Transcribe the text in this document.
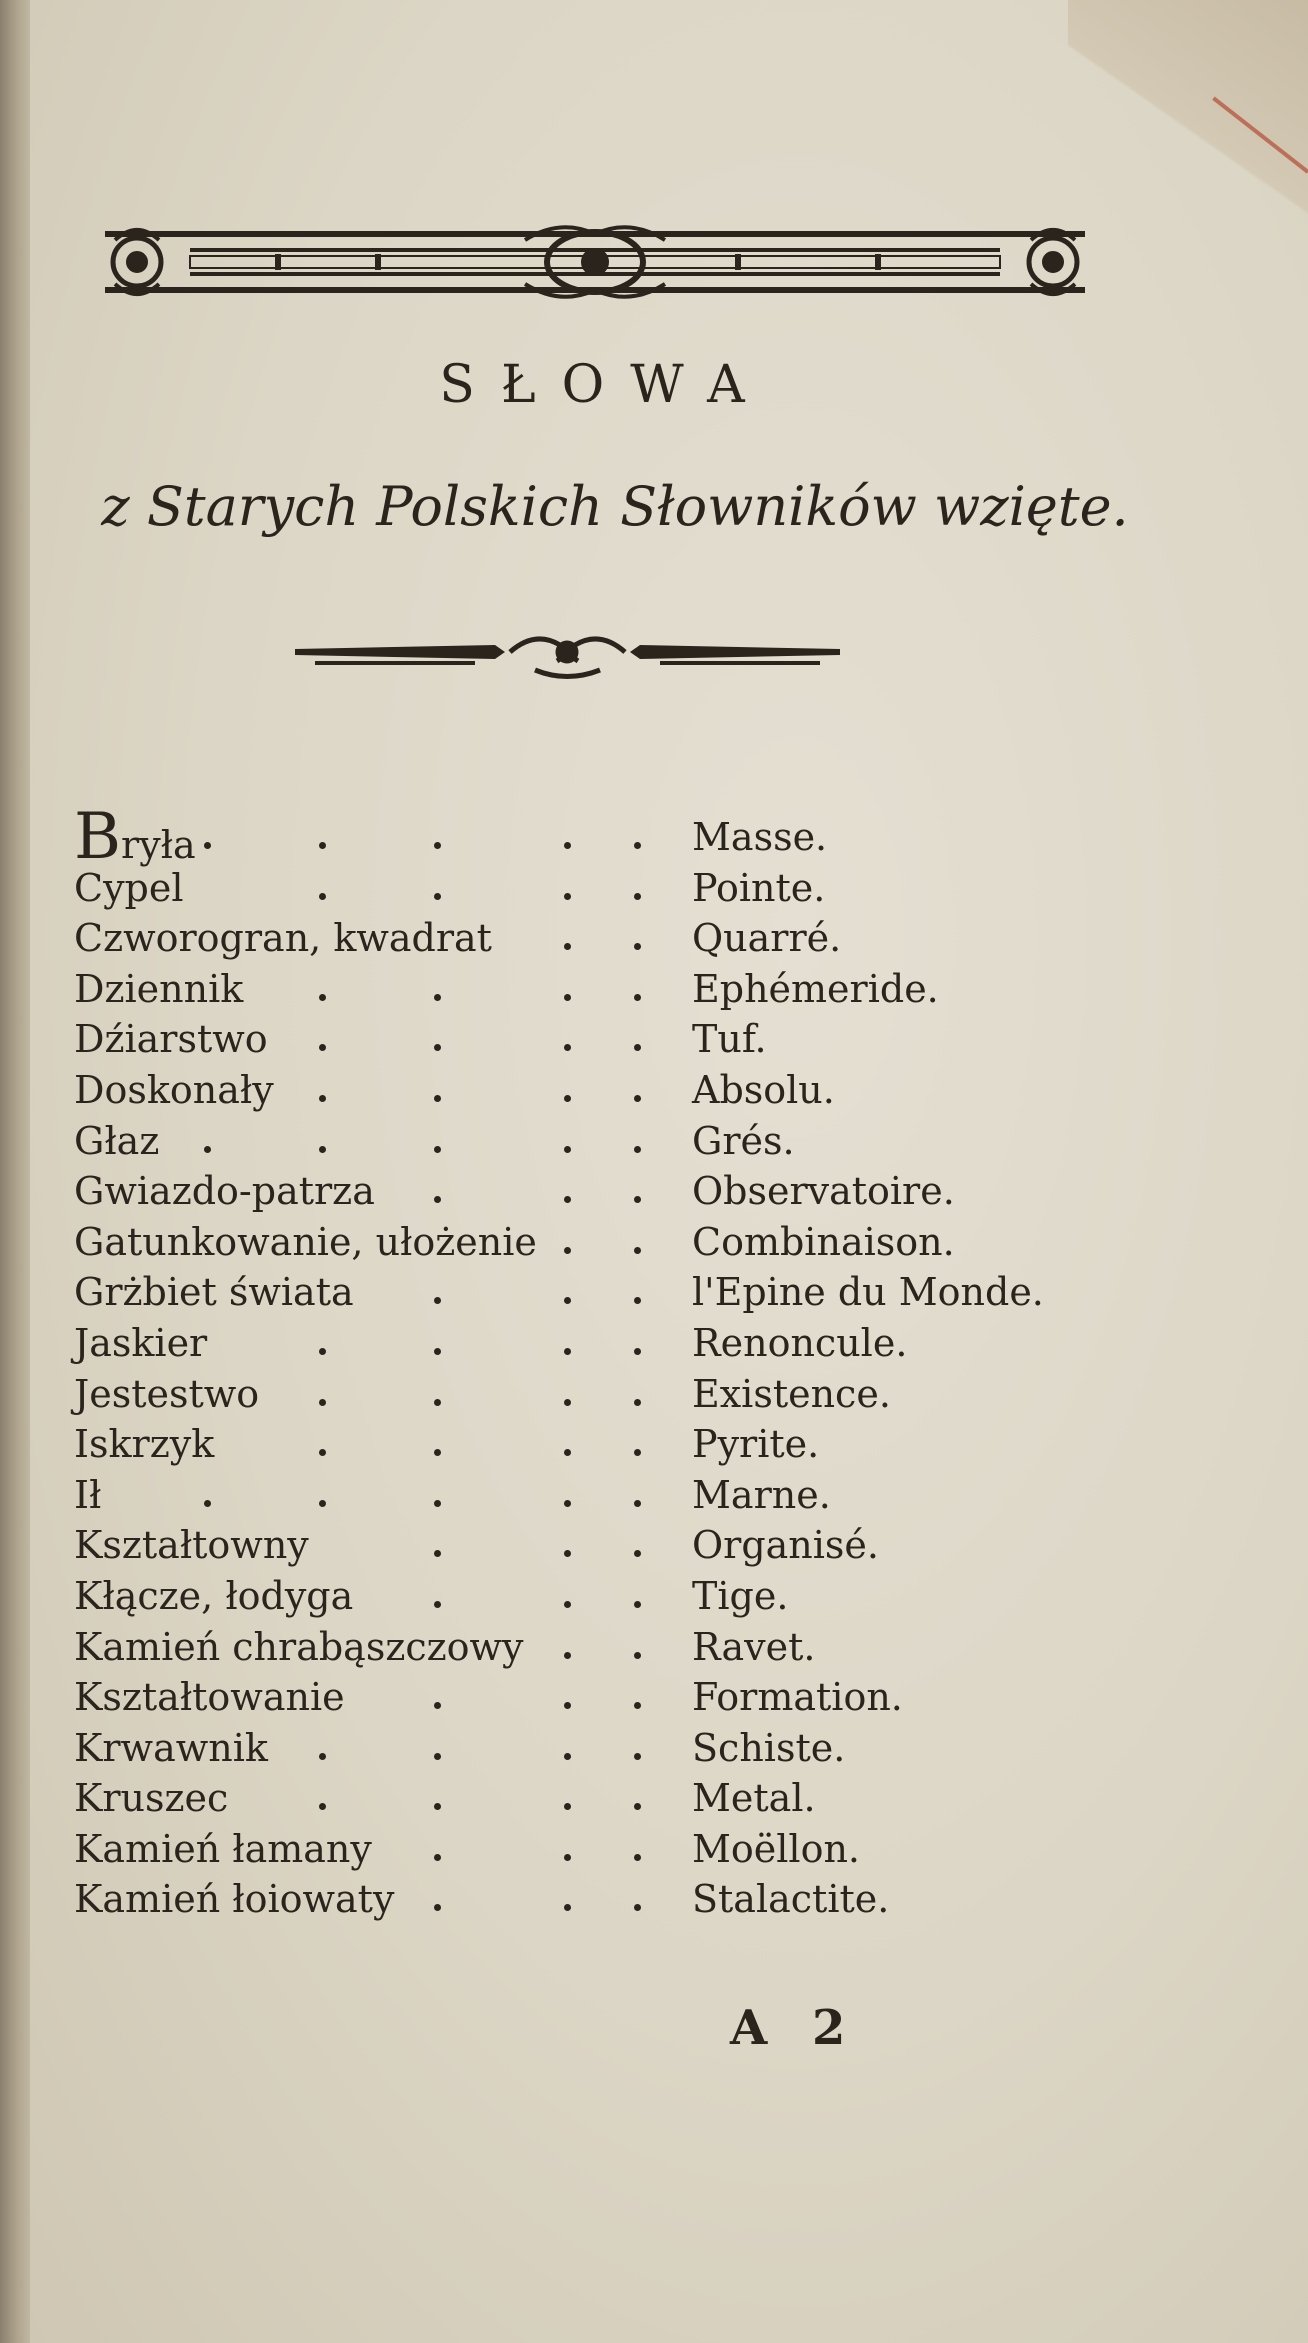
SŁOWA
z Starych Polskich Słowników wzięte.
Bryła	Masse.
Cypel	Pointe.
Czworogran, kwadrat	Quarré.
Dziennik	Ephémeride.
Dźiarstwo	Tuf.
Doskonały	Absolu.
Głaz	Grés.
Gwiazdo-patrza	Observatoire.
Gatunkowanie, ułożenie	Combinaison.
Grżbiet świata	l'Epine du Monde.
Jaskier	Renoncule.
Jestestwo	Existence.
Iskrzyk	Pyrite.
Ił	Marne.
Kształtowny	Organisé.
Kłącze, łodyga	Tige.
Kamień chrabąszczowy	Ravet.
Kształtowanie	Formation.
Krwawnik	Schiste.
Kruszec	Metal.
Kamień łamany	Moëllon.
Kamień łoiowaty	Stalactite.
A 2
